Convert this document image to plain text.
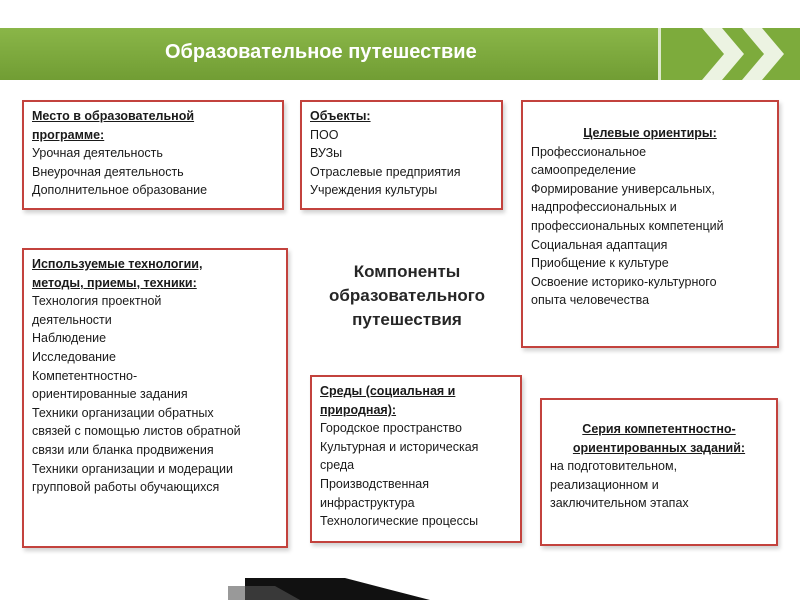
Образовательное путешествие
Место в образовательной
программе:
Урочная деятельность
Внеурочная деятельность
Дополнительное образование
Объекты:
ПОО
ВУЗы
Отраслевые предприятия
Учреждения культуры
Целевые ориентиры:
Профессиональное
самоопределение
Формирование универсальных,
надпрофессиональных и
профессиональных компетенций
Социальная адаптация
Приобщение к культуре
Освоение историко-культурного
опыта человечества
Используемые технологии,
методы, приемы, техники:
Технология проектной
деятельности
Наблюдение
Исследование
Компетентностно-
ориентированные задания
Техники организации обратных
связей с помощью листов обратной
связи или бланка продвижения
Техники организации и модерации
групповой работы обучающихся
Компоненты
образовательного
путешествия
Среды (социальная и
природная):
Городское пространство
Культурная и историческая
среда
Производственная
инфраструктура
Технологические процессы
Серия компетентностно-
ориентированных заданий:
на подготовительном,
реализационном и
заключительном этапах
